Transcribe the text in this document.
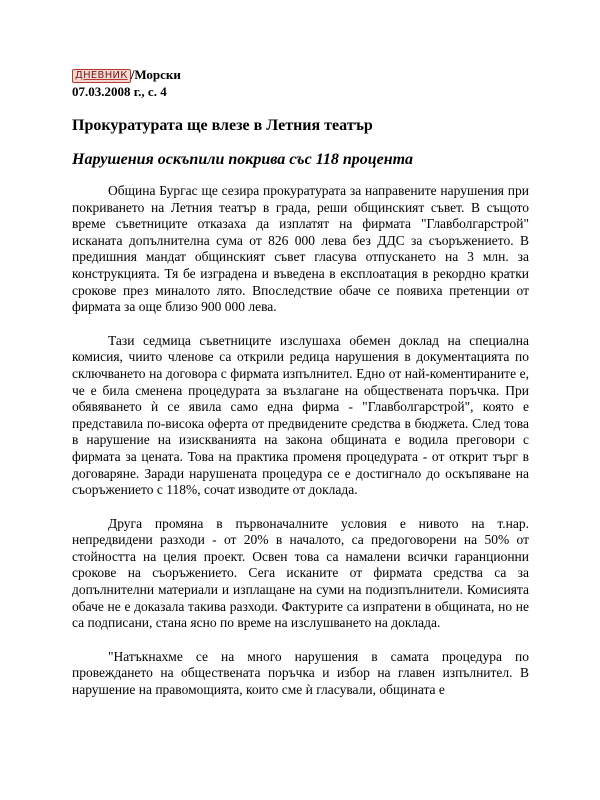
ДНЕВНИК /Морски
07.03.2008 г., с. 4
Прокуратурата ще влезе в Летния театър
Нарушения оскъпили покрива със 118 процента

Община Бургас ще сезира прокуратурата за направените нарушения при покриването на Летния театър в града, реши общинският съвет. В същото време съветниците отказаха да изплатят на фирмата "Главболгарстрой" исканата допълнителна сума от 826 000 лева без ДДС за съоръжението. В предишния мандат общинският съвет гласува отпускането на 3 млн. за конструкцията. Тя бе изградена и въведена в експлоатация в рекордно кратки срокове през миналото лято. Впоследствие обаче се появиха претенции от фирмата за още близо 900 000 лева.

Тази седмица съветниците изслушаха обемен доклад на специална комисия, чиито членове са открили редица нарушения в документацията по сключването на договора с фирмата изпълнител. Едно от най-коментираните е, че е била сменена процедурата за възлагане на обществената поръчка. При обявяването ѝ се явила само една фирма - "Главболгарстрой", която е представила по-висока оферта от предвидените средства в бюджета. След това в нарушение на изискванията на закона общината е водила преговори с фирмата за цената. Това на практика променя процедурата - от открит търг в договаряне. Заради нарушената процедура се е достигнало до оскъпяване на съоръжението с 118%, сочат изводите от доклада.

Друга промяна в първоначалните условия е нивото на т.нар. непредвидени разходи - от 20% в началото, са предоговорени на 50% от стойността на целия проект. Освен това са намалени всички гаранционни срокове на съоръжението. Сега исканите от фирмата средства са за допълнителни материали и изплащане на суми на подизпълнители. Комисията обаче не е доказала такива разходи. Фактурите са изпратени в общината, но не са подписани, стана ясно по време на изслушването на доклада.

"Натъкнахме се на много нарушения в самата процедура по провеждането на обществената поръчка и избор на главен изпълнител. В нарушение на правомощията, които сме ѝ гласували, общината е
